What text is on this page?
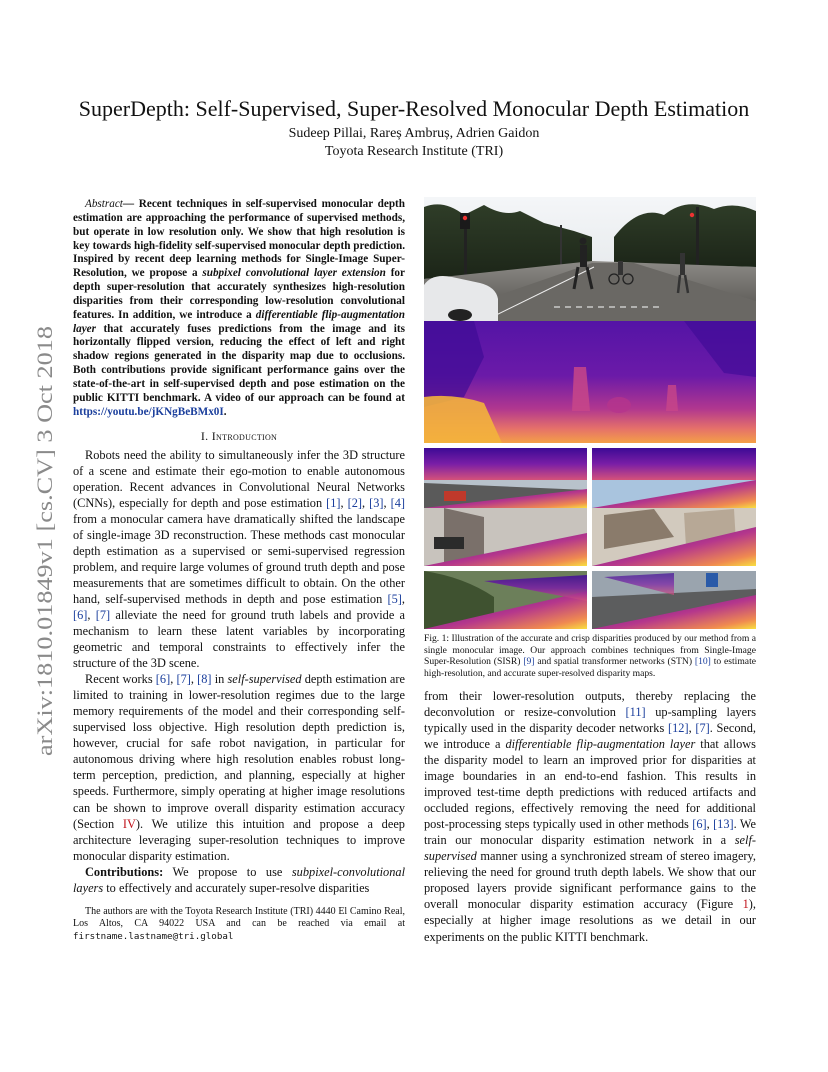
arXiv:1810.01849v1 [cs.CV] 3 Oct 2018
SuperDepth: Self-Supervised, Super-Resolved Monocular Depth Estimation
Sudeep Pillai, Rareș Ambruș, Adrien Gaidon
Toyota Research Institute (TRI)

Abstract— Recent techniques in self-supervised monocular depth estimation are approaching the performance of supervised methods, but operate in low resolution only. We show that high resolution is key towards high-fidelity self-supervised monocular depth prediction. Inspired by recent deep learning methods for Single-Image Super-Resolution, we propose a subpixel convolutional layer extension for depth super-resolution that accurately synthesizes high-resolution disparities from their corresponding low-resolution convolutional features. In addition, we introduce a differentiable flip-augmentation layer that accurately fuses predictions from the image and its horizontally flipped version, reducing the effect of left and right shadow regions generated in the disparity map due to occlusions. Both contributions provide significant performance gains over the state-of-the-art in self-supervised depth and pose estimation on the public KITTI benchmark. A video of our approach can be found at https://youtu.be/jKNgBeBMx0I.

I. Introduction

Robots need the ability to simultaneously infer the 3D structure of a scene and estimate their ego-motion to enable autonomous operation. Recent advances in Convolutional Neural Networks (CNNs), especially for depth and pose estimation [1], [2], [3], [4] from a monocular camera have dramatically shifted the landscape of single-image 3D reconstruction. These methods cast monocular depth estimation as a supervised or semi-supervised regression problem, and require large volumes of ground truth depth and pose measurements that are sometimes difficult to obtain. On the other hand, self-supervised methods in depth and pose estimation [5], [6], [7] alleviate the need for ground truth labels and provide a mechanism to learn these latent variables by incorporating geometric and temporal constraints to effectively infer the structure of the 3D scene.

Recent works [6], [7], [8] in self-supervised depth estimation are limited to training in lower-resolution regimes due to the large memory requirements of the model and their corresponding self-supervised loss objective. High resolution depth prediction is, however, crucial for safe robot navigation, in particular for autonomous driving where high resolution enables robust long-term perception, prediction, and planning, especially at higher speeds. Furthermore, simply operating at higher image resolutions can be shown to improve overall disparity estimation accuracy (Section IV). We utilize this intuition and propose a deep architecture leveraging super-resolution techniques to improve monocular disparity estimation.

Contributions: We propose to use subpixel-convolutional layers to effectively and accurately super-resolve disparities

The authors are with the Toyota Research Institute (TRI) 4440 El Camino Real, Los Altos, CA 94022 USA and can be reached via email at firstname.lastname@tri.global

Fig. 1: Illustration of the accurate and crisp disparities produced by our method from a single monocular image. Our approach combines techniques from Single-Image Super-Resolution (SISR) [9] and spatial transformer networks (STN) [10] to estimate high-resolution, and accurate super-resolved disparity maps.

from their lower-resolution outputs, thereby replacing the deconvolution or resize-convolution [11] up-sampling layers typically used in the disparity decoder networks [12], [7]. Second, we introduce a differentiable flip-augmentation layer that allows the disparity model to learn an improved prior for disparities at image boundaries in an end-to-end fashion. This results in improved test-time depth predictions with reduced artifacts and occluded regions, effectively removing the need for additional post-processing steps typically used in other methods [6], [13]. We train our monocular disparity estimation network in a self-supervised manner using a synchronized stream of stereo imagery, relieving the need for ground truth depth labels. We show that our proposed layers provide significant performance gains to the overall monocular disparity estimation accuracy (Figure 1), especially at higher image resolutions as we detail in our experiments on the public KITTI benchmark.
